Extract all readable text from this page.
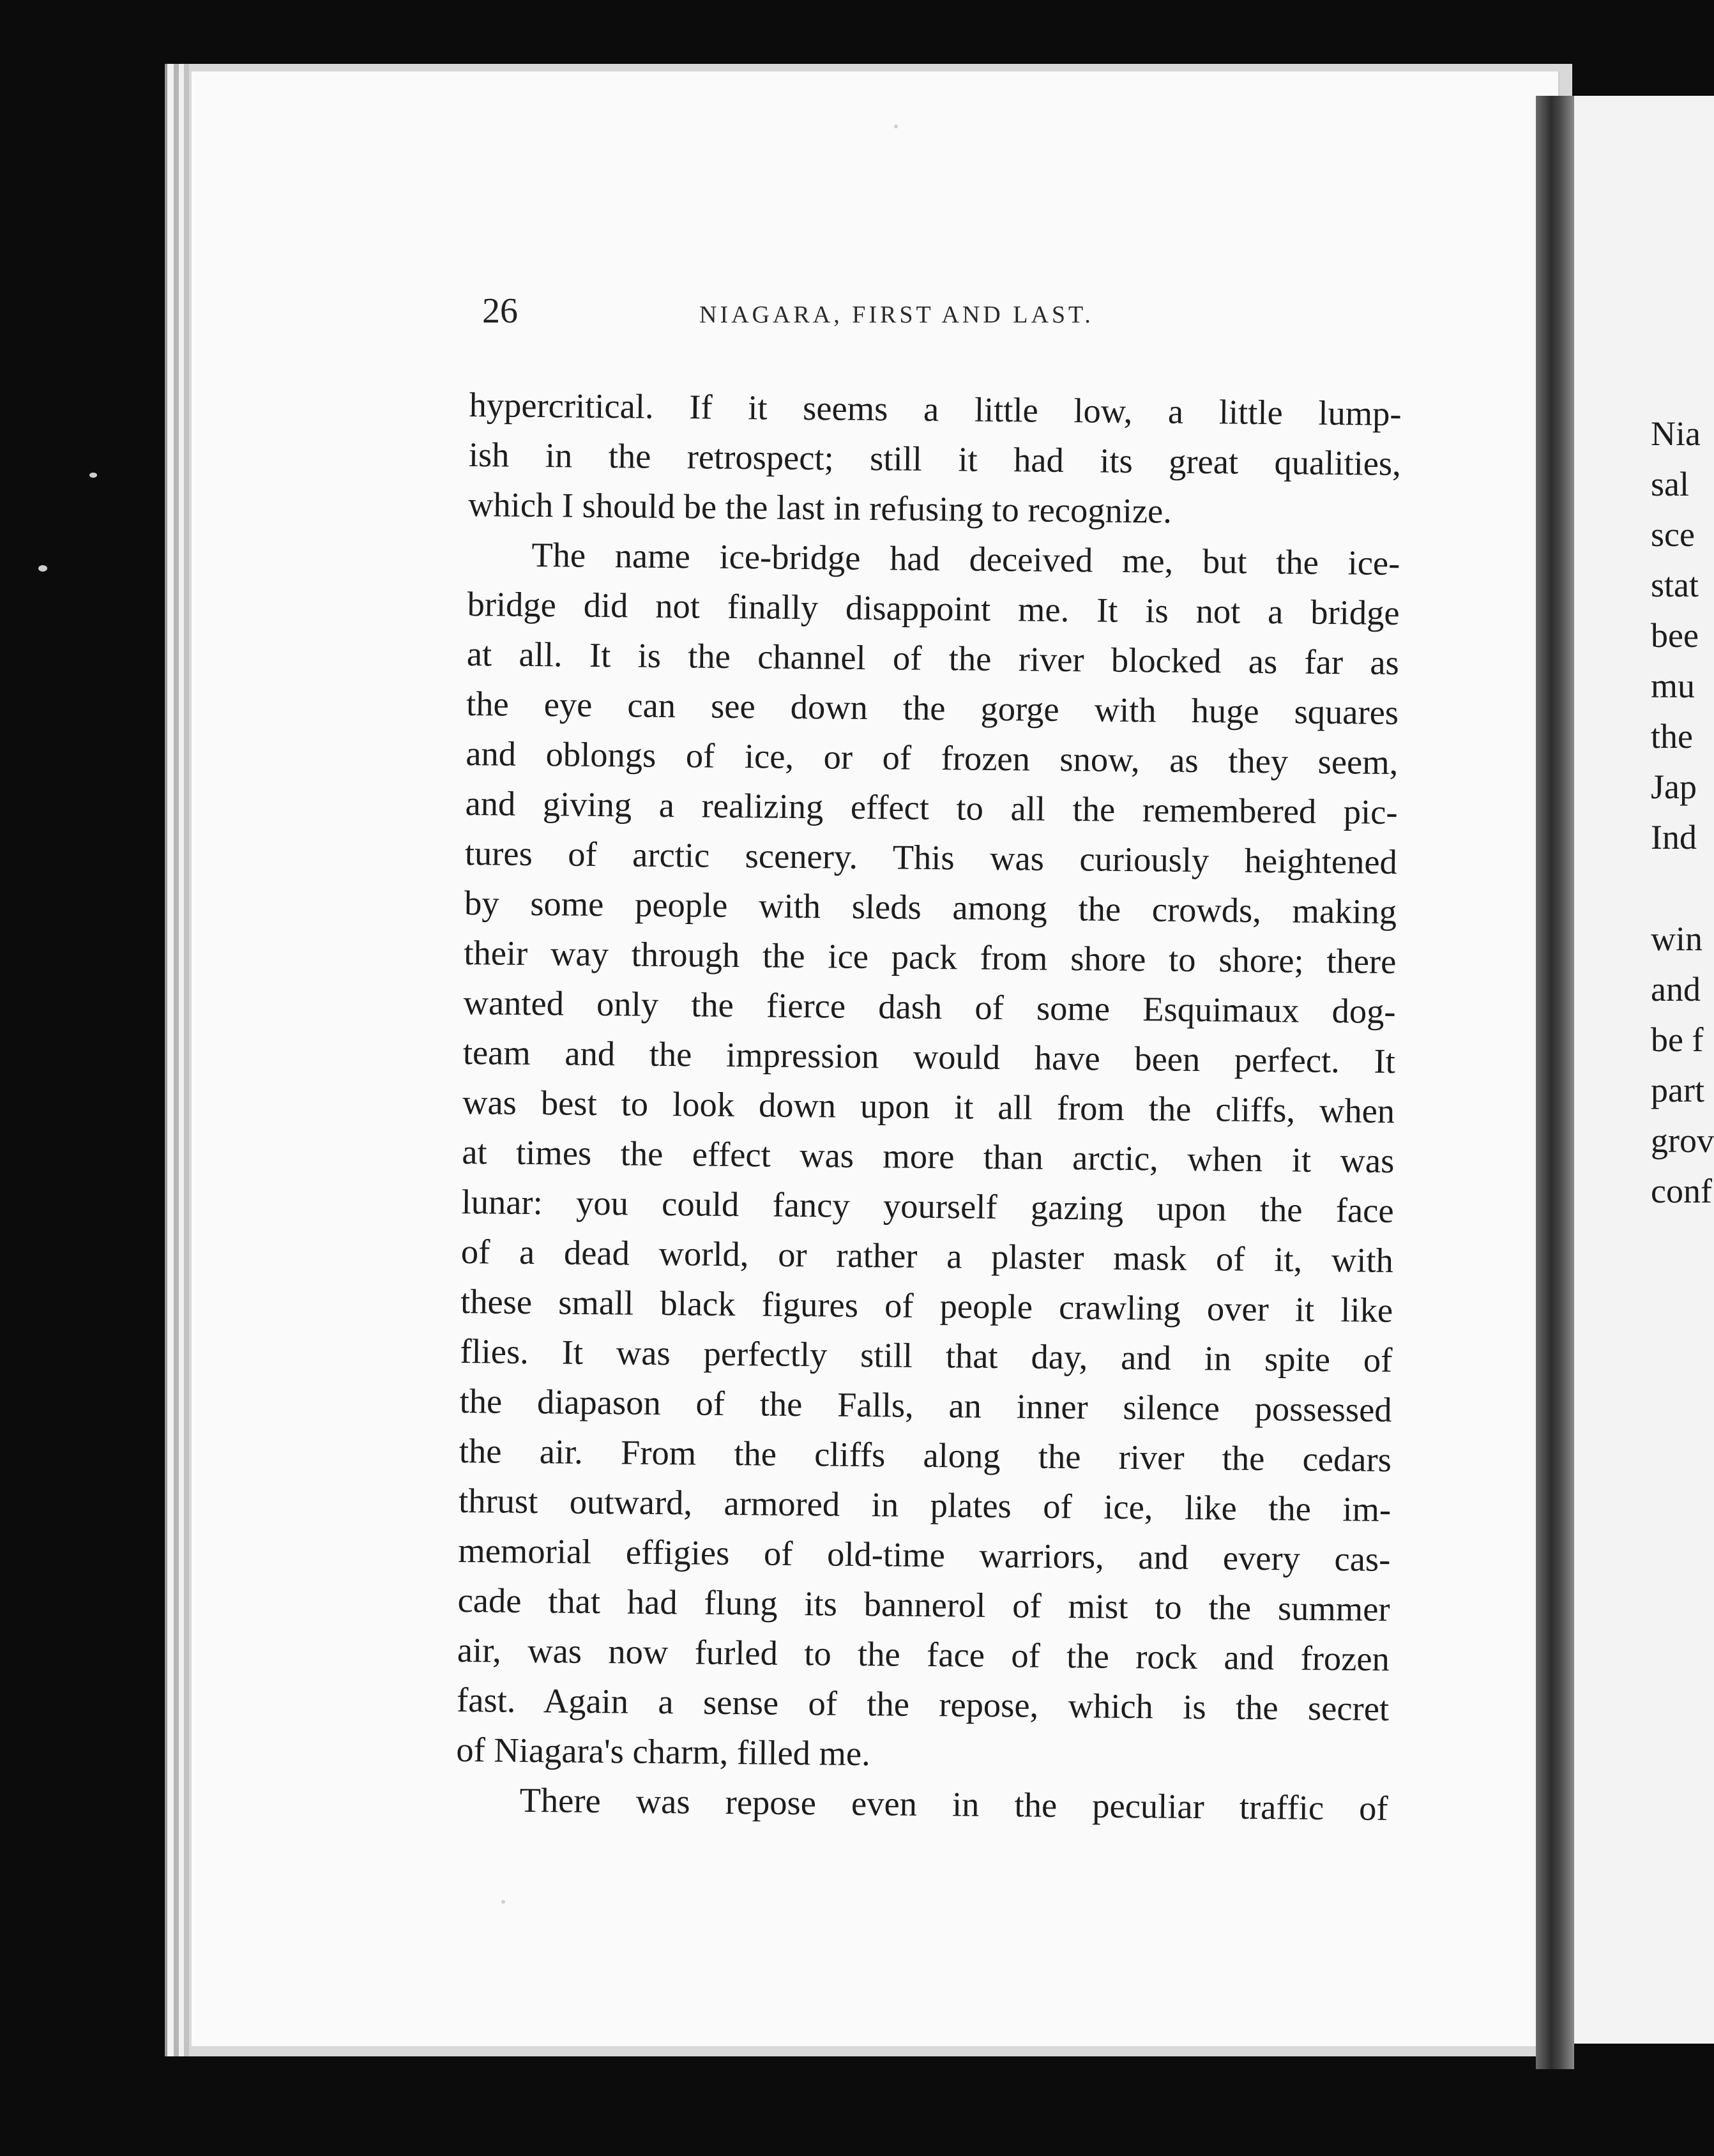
26	NIAGARA, FIRST AND LAST.
hypercritical. If it seems a little low, a little lump-
ish in the retrospect; still it had its great qualities,
which I should be the last in refusing to recognize.
The name ice-bridge had deceived me, but the ice-
bridge did not finally disappoint me. It is not a bridge
at all. It is the channel of the river blocked as far as
the eye can see down the gorge with huge squares
and oblongs of ice, or of frozen snow, as they seem,
and giving a realizing effect to all the remembered pic-
tures of arctic scenery. This was curiously heightened
by some people with sleds among the crowds, making
their way through the ice pack from shore to shore; there
wanted only the fierce dash of some Esquimaux dog-
team and the impression would have been perfect. It
was best to look down upon it all from the cliffs, when
at times the effect was more than arctic, when it was
lunar: you could fancy yourself gazing upon the face
of a dead world, or rather a plaster mask of it, with
these small black figures of people crawling over it like
flies. It was perfectly still that day, and in spite of
the diapason of the Falls, an inner silence possessed
the air. From the cliffs along the river the cedars
thrust outward, armored in plates of ice, like the im-
memorial effigies of old-time warriors, and every cas-
cade that had flung its bannerol of mist to the summer
air, was now furled to the face of the rock and frozen
fast. Again a sense of the repose, which is the secret
of Niagara's charm, filled me.
There was repose even in the peculiar traffic of
Nia
sal
sce
stat
bee
mu
the
Jap
Ind
win
and
be f
part
grov
conf
